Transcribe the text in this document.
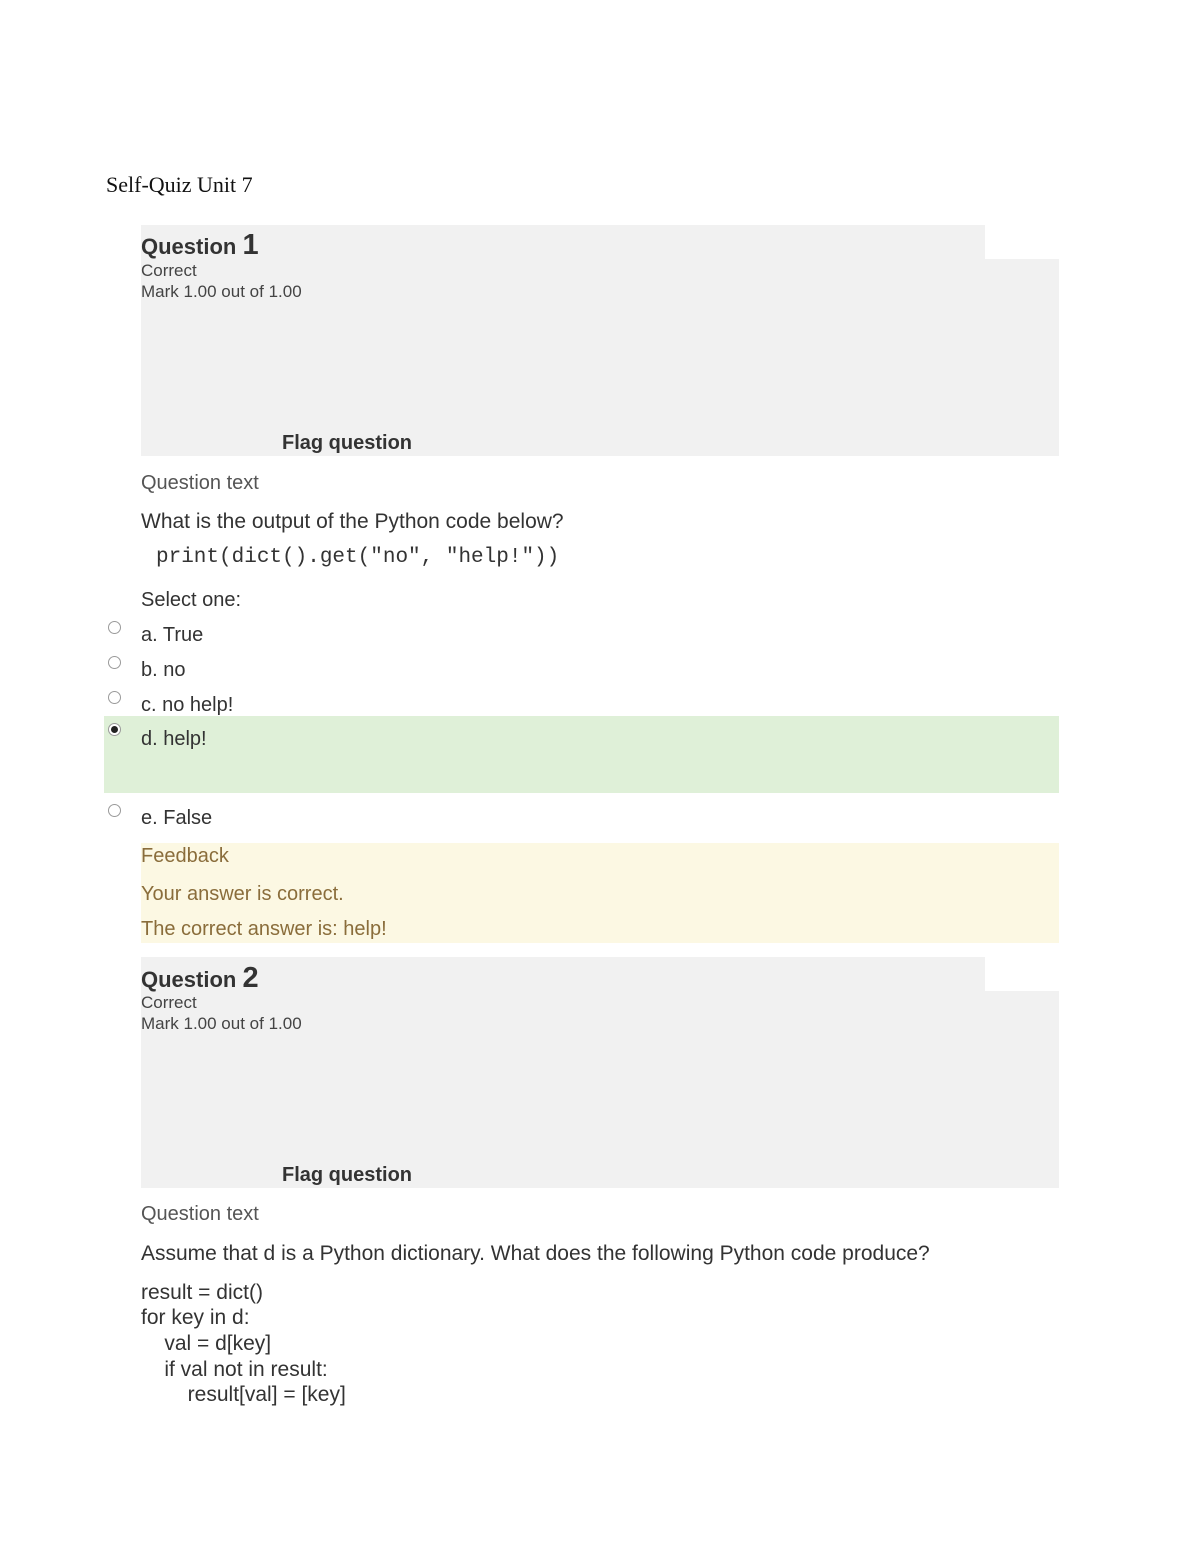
Self-Quiz Unit 7
Question 1
Correct
Mark 1.00 out of 1.00
Flag question
Question text
What is the output of the Python code below?
print(dict().get("no", "help!"))
Select one:
a. True
b. no
c. no help!
d. help!
e. False
Feedback
Your answer is correct.
The correct answer is: help!
Question 2
Correct
Mark 1.00 out of 1.00
Flag question
Question text
Assume that d is a Python dictionary. What does the following Python code produce?
result = dict()
for key in d:
val = d[key]
if val not in result:
result[val] = [key]
